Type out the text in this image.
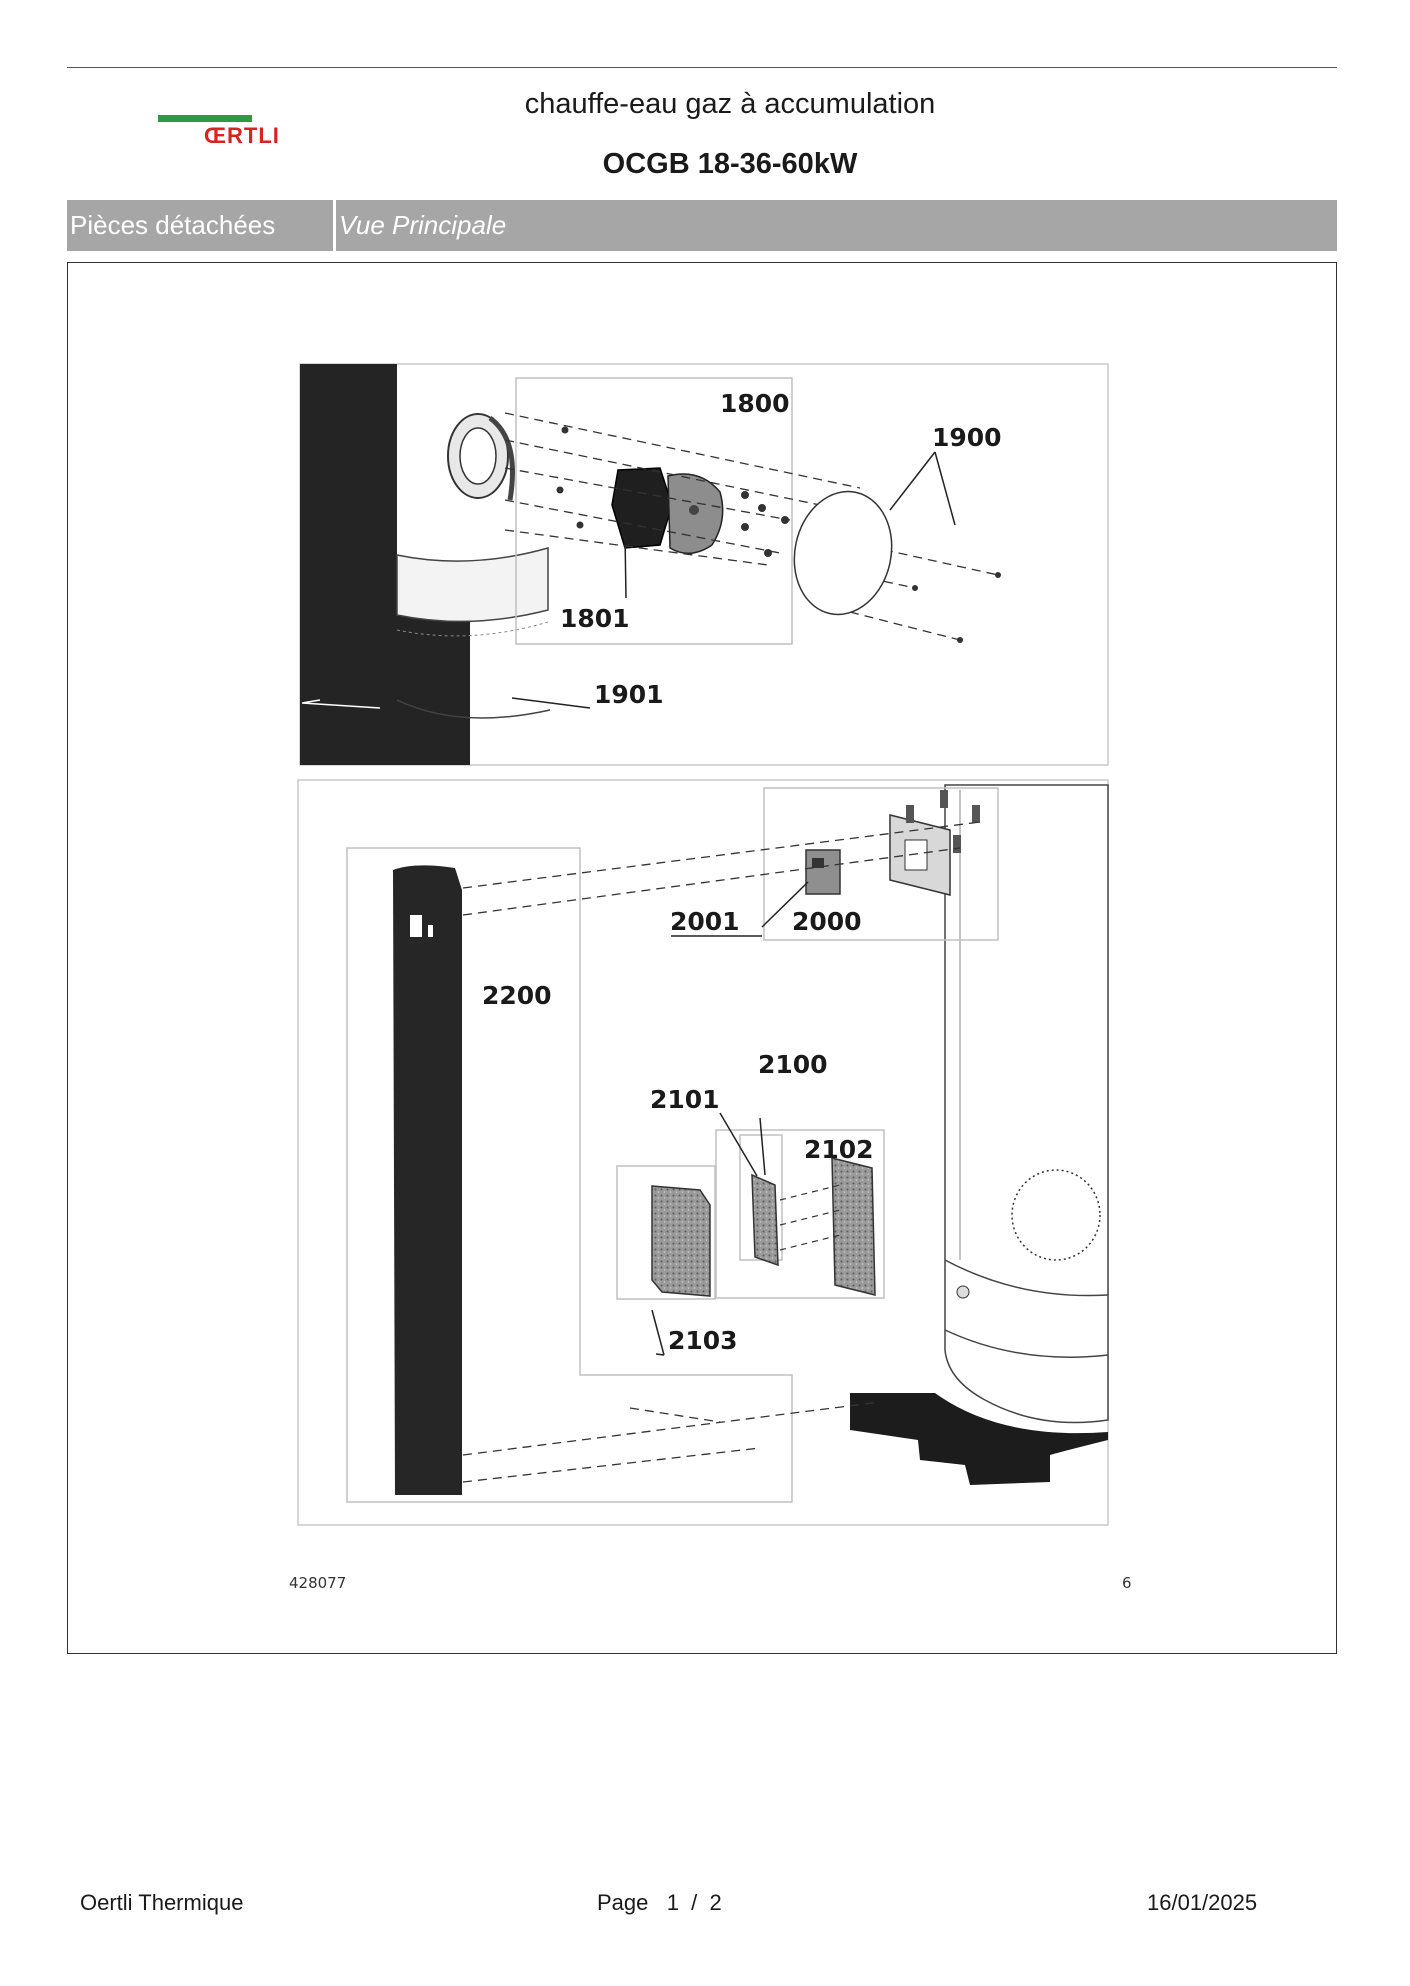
ŒRTLI
chauffe-eau gaz à accumulation
OCGB 18-36-60kW
Pièces détachées	Vue Principale
1800
1900
1801
1901
2001 2000
2200
2100
2101
2102
2103
428077	6
Oertli Thermique	Page   1  /  2	16/01/2025
